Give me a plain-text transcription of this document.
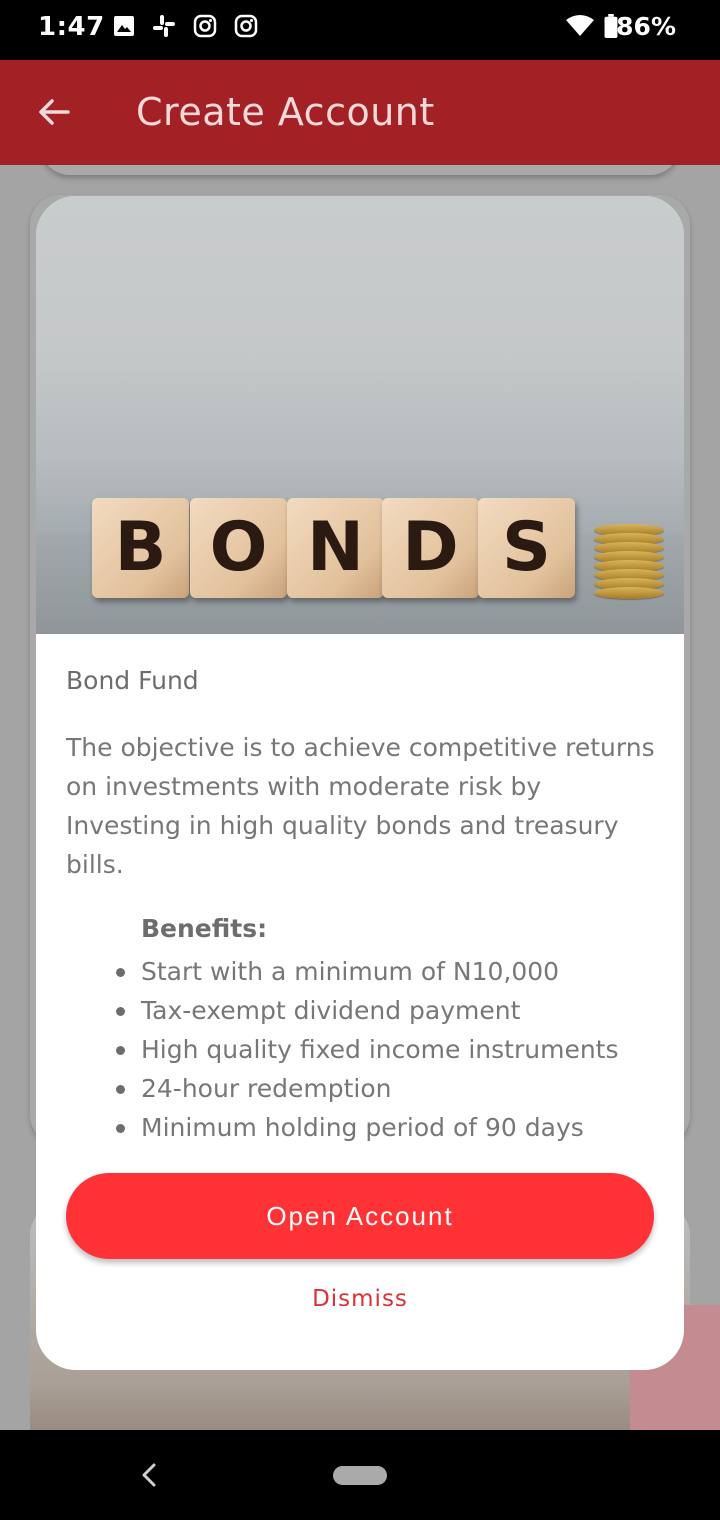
1:47	86%
Create Account
B O N D S
Bond Fund
The objective is to achieve competitive returns on investments with moderate risk by Investing in high quality bonds and treasury bills.
Benefits:
Start with a minimum of N10,000
Tax-exempt dividend payment
High quality fixed income instruments
24-hour redemption
Minimum holding period of 90 days
Open Account
Dismiss
